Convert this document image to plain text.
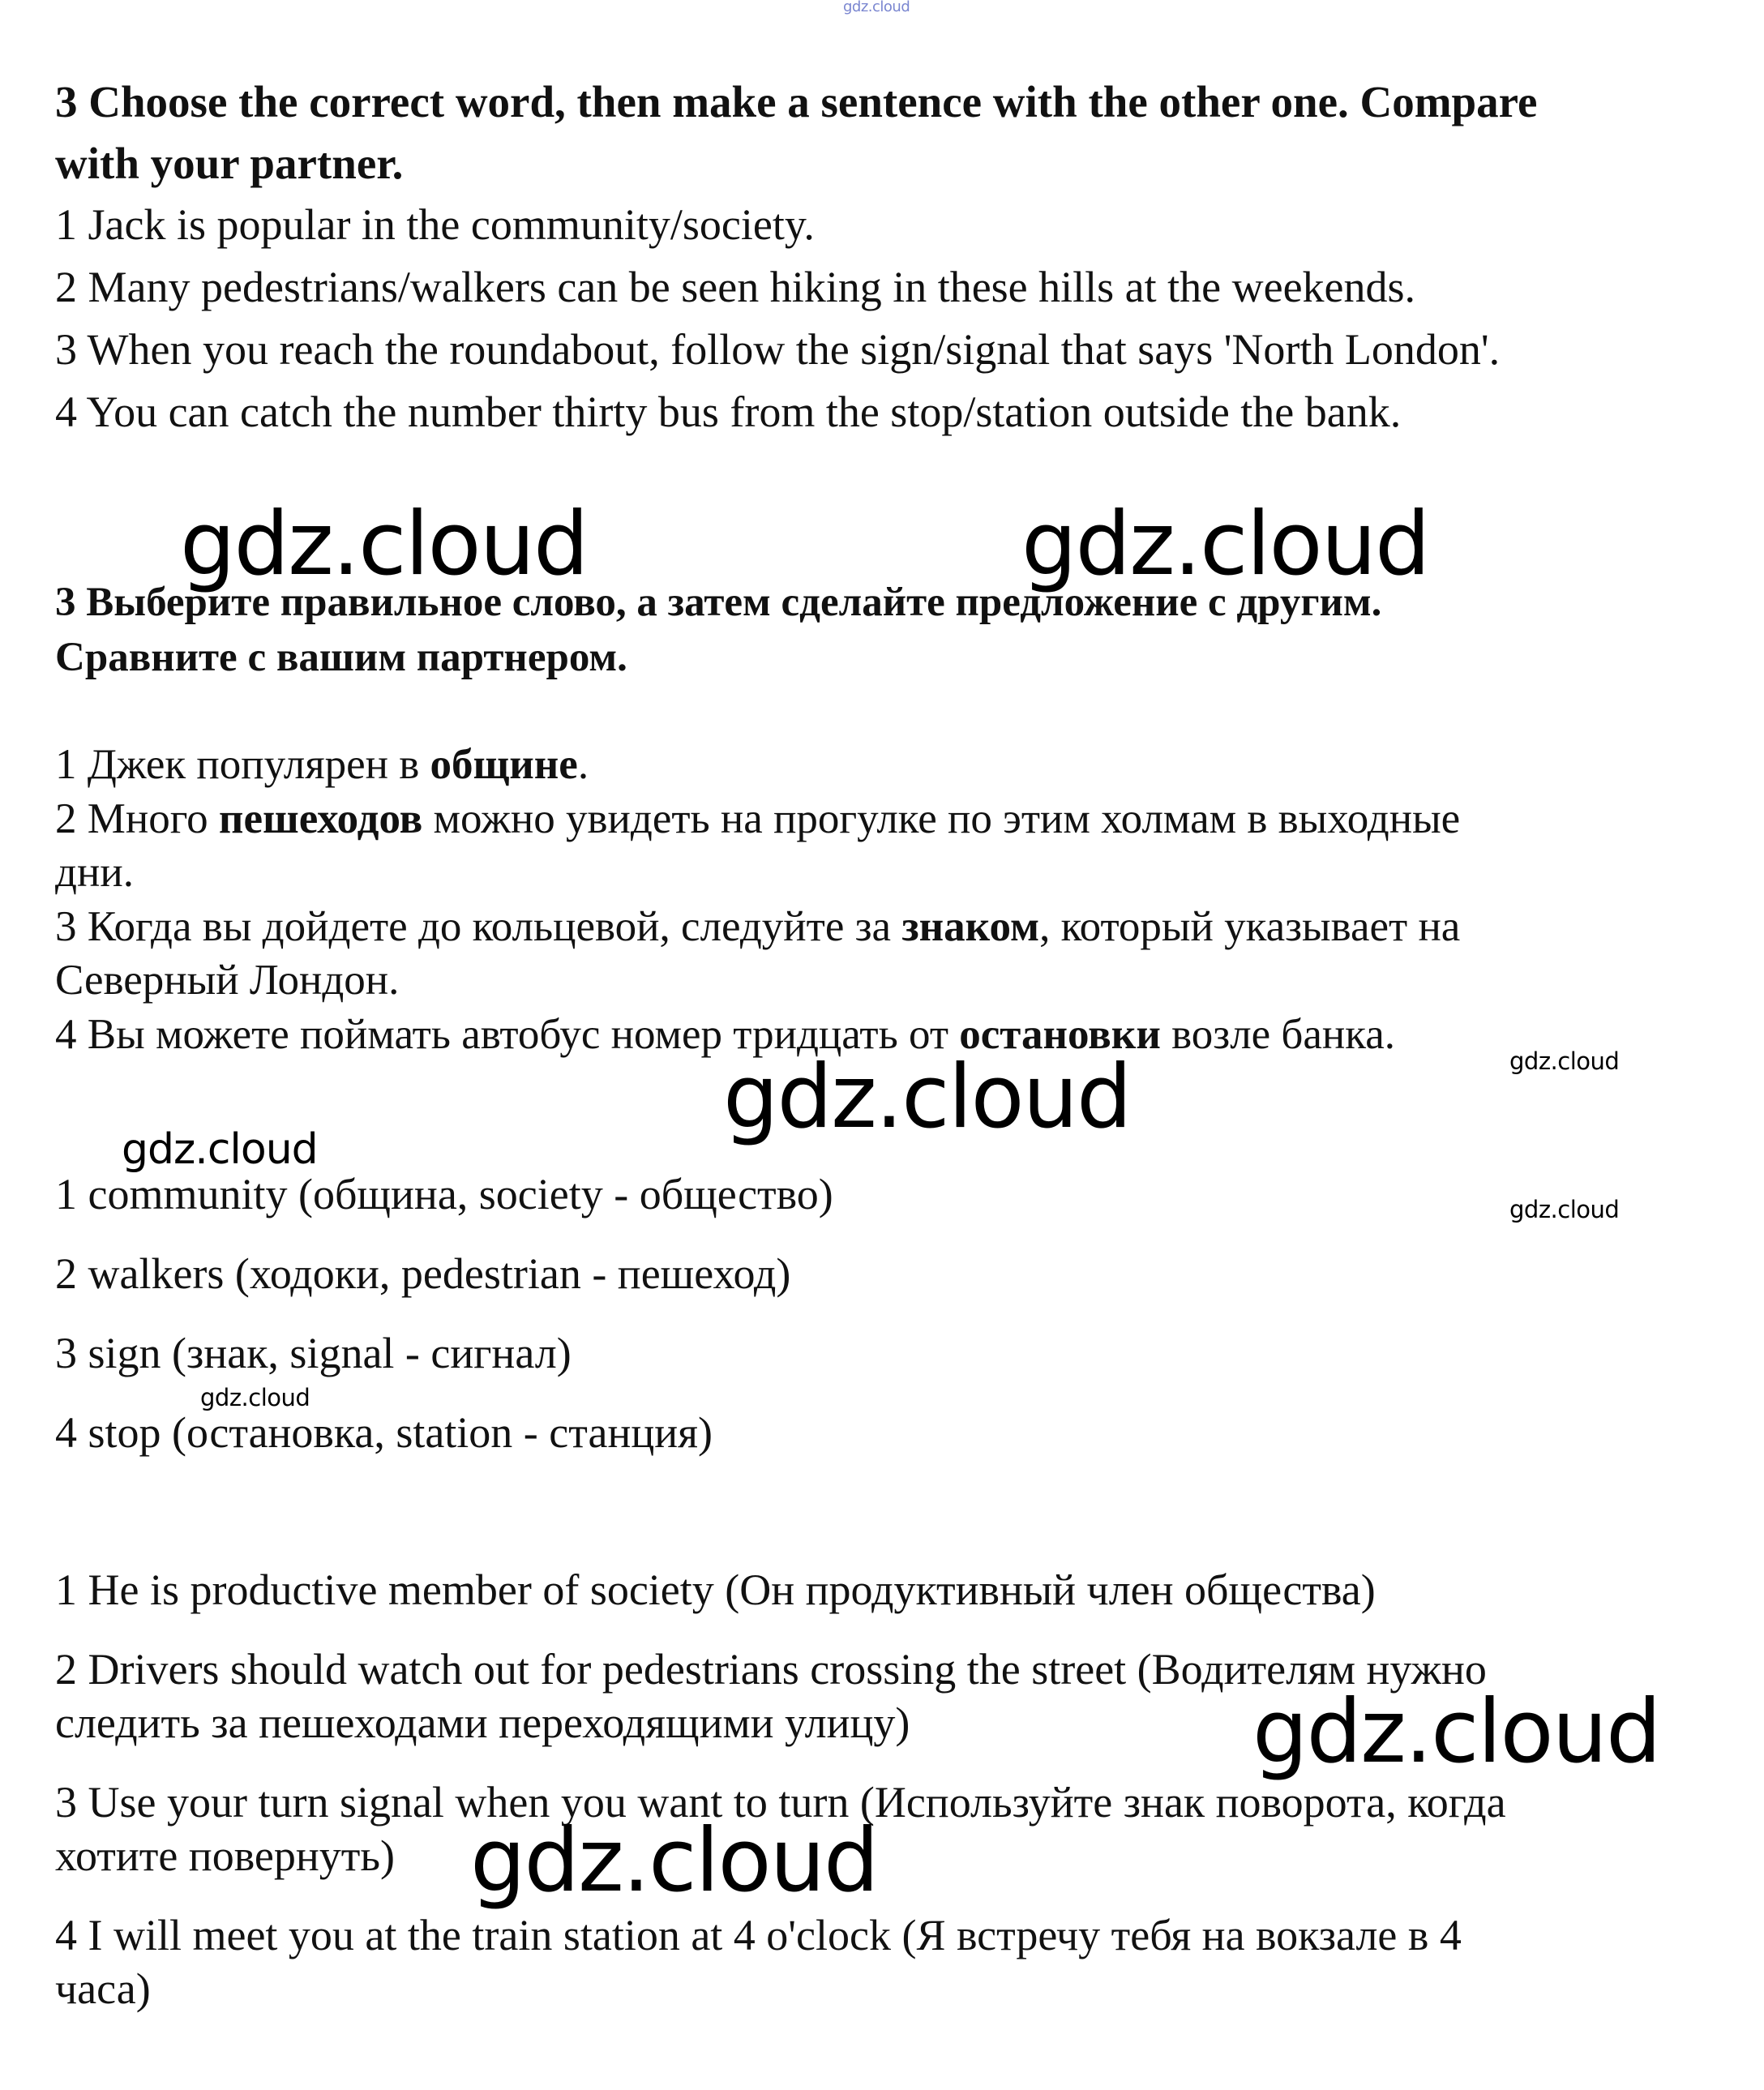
gdz.cloud

3 Choose the correct word, then make a sentence with the other one. Compare

with your partner.

1 Jack is popular in the community/society.

2 Many pedestrians/walkers can be seen hiking in these hills at the weekends.

3 When you reach the roundabout, follow the sign/signal that says 'North London'.

4 You can catch the number thirty bus from the stop/station outside the bank.

gdz.cloud	gdz.cloud

3 Выберите правильное слово, а затем сделайте предложение с другим.

Сравните с вашим партнером.

1 Джек популярен в общине.

2 Много пешеходов можно увидеть на прогулке по этим холмам в выходные

дни.

3 Когда вы дойдете до кольцевой, следуйте за знаком, который указывает на

Северный Лондон.

4 Вы можете поймать автобус номер тридцать от остановки возле банка.

gdz.cloud
gdz.cloud
gdz.cloud
gdz.cloud

1 community (община, society - общество)

2 walkers (ходоки, pedestrian - пешеход)

3 sign (знак, signal - сигнал)

gdz.cloud

4 stop (остановка, station - станция)

1 He is productive member of society (Он продуктивный член общества)

2 Drivers should watch out for pedestrians crossing the street (Водителям нужно

следить за пешеходами переходящими улицу)	gdz.cloud

3 Use your turn signal when you want to turn (Используйте знак поворота, когда

хотите повернуть) gdz.cloud

4 I will meet you at the train station at 4 o'clock (Я встречу тебя на вокзале в 4

часа)
